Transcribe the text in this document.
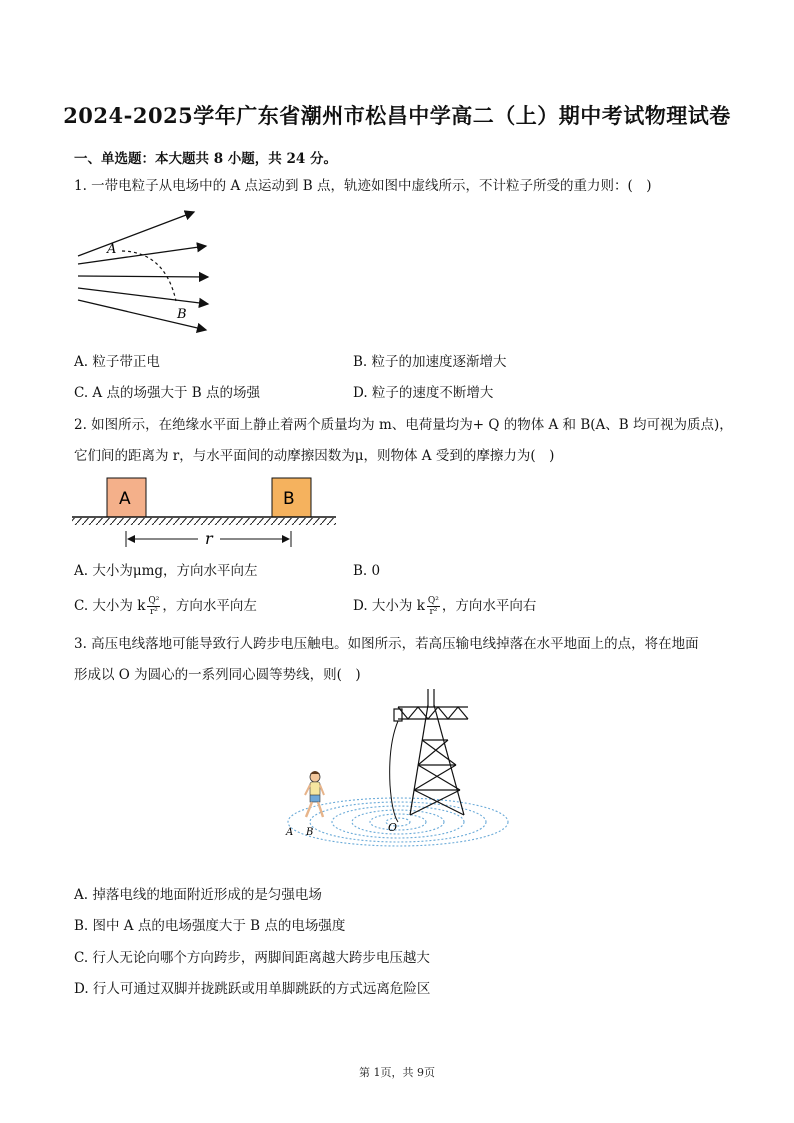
2024-2025学年广东省潮州市松昌中学高二（上）期中考试物理试卷
一、单选题：本大题共 8 小题，共 24 分。
1. 一带电粒子从电场中的 A 点运动到 B 点，轨迹如图中虚线所示，不计粒子所受的重力则：(　)
A
B
A. 粒子带正电	B. 粒子的加速度逐渐增大
C. A 点的场强大于 B 点的场强	D. 粒子的速度不断增大
2. 如图所示，在绝缘水平面上静止着两个质量均为 m、电荷量均为+ Q 的物体 A 和 B(A、B 均可视为质点)，
它们间的距离为 r，与水平面间的动摩擦因数为μ，则物体 A 受到的摩擦力为(　)
A	B
r
A. 大小为μmg，方向水平向左	B. 0
C. 大小为 k $\frac{\text{Q²}}{\text{r²}}$ ，方向水平向左	D. 大小为 k $\frac{\text{Q²}}{\text{r²}}$ ，方向水平向右
3. 高压电线落地可能导致行人跨步电压触电。如图所示，若高压输电线掉落在水平地面上的点，将在地面
形成以 O 为圆心的一系列同心圆等势线，则(　)
A B	O
A. 掉落电线的地面附近形成的是匀强电场
B. 图中 A 点的电场强度大于 B 点的电场强度
C. 行人无论向哪个方向跨步，两脚间距离越大跨步电压越大
D. 行人可通过双脚并拢跳跃或用单脚跳跃的方式远离危险区
第 1页，共 9页
